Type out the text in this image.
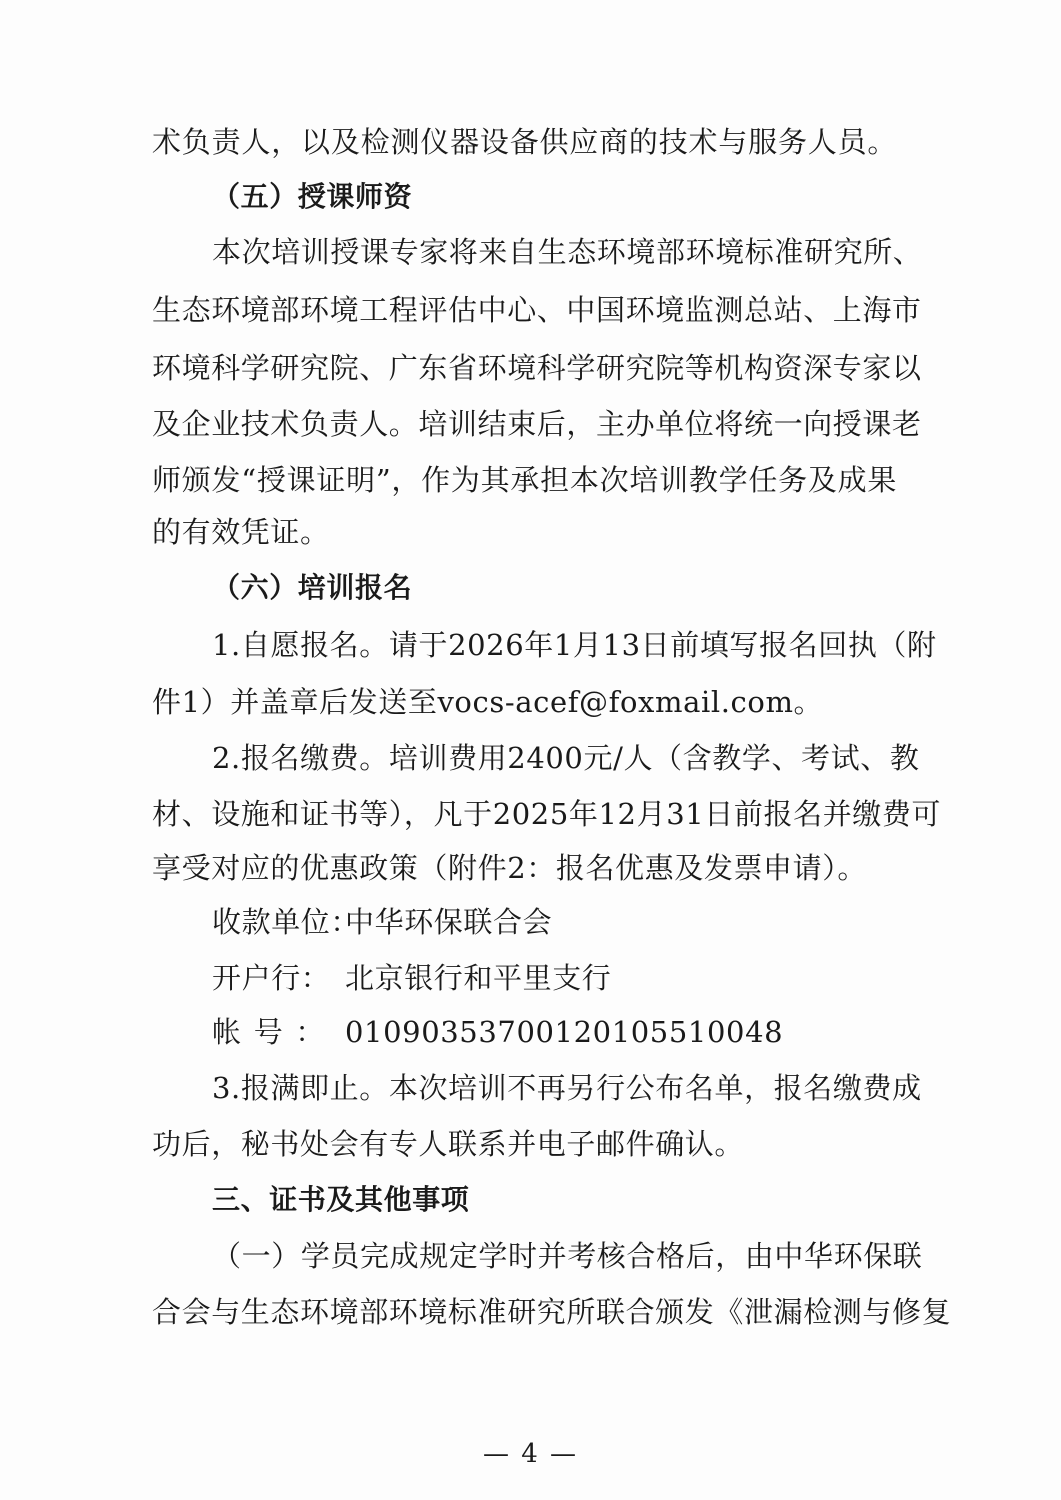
术负责人，以及检测仪器设备供应商的技术与服务人员。
（五）授课师资
本次培训授课专家将来自生态环境部环境标准研究所、
生态环境部环境工程评估中心、中国环境监测总站、上海市
环境科学研究院、广东省环境科学研究院等机构资深专家以
及企业技术负责人。培训结束后，主办单位将统一向授课老
师颁发“授课证明”，作为其承担本次培训教学任务及成果
的有效凭证。
（六）培训报名
1.自愿报名。请于2026年1月13日前填写报名回执（附
件1）并盖章后发送至vocs-acef@foxmail.com。
2.报名缴费。培训费用2400元/人（含教学、考试、教
材、设施和证书等），凡于2025年12月31日前报名并缴费可
享受对应的优惠政策（附件2：报名优惠及发票申请）。
收款单位：中华环保联合会
开户行： 北京银行和平里支行
帐号： 01090353700120105510048
3.报满即止。本次培训不再另行公布名单，报名缴费成
功后，秘书处会有专人联系并电子邮件确认。
三、证书及其他事项
（一）学员完成规定学时并考核合格后，由中华环保联
合会与生态环境部环境标准研究所联合颁发《泄漏检测与修复
— 4 —
